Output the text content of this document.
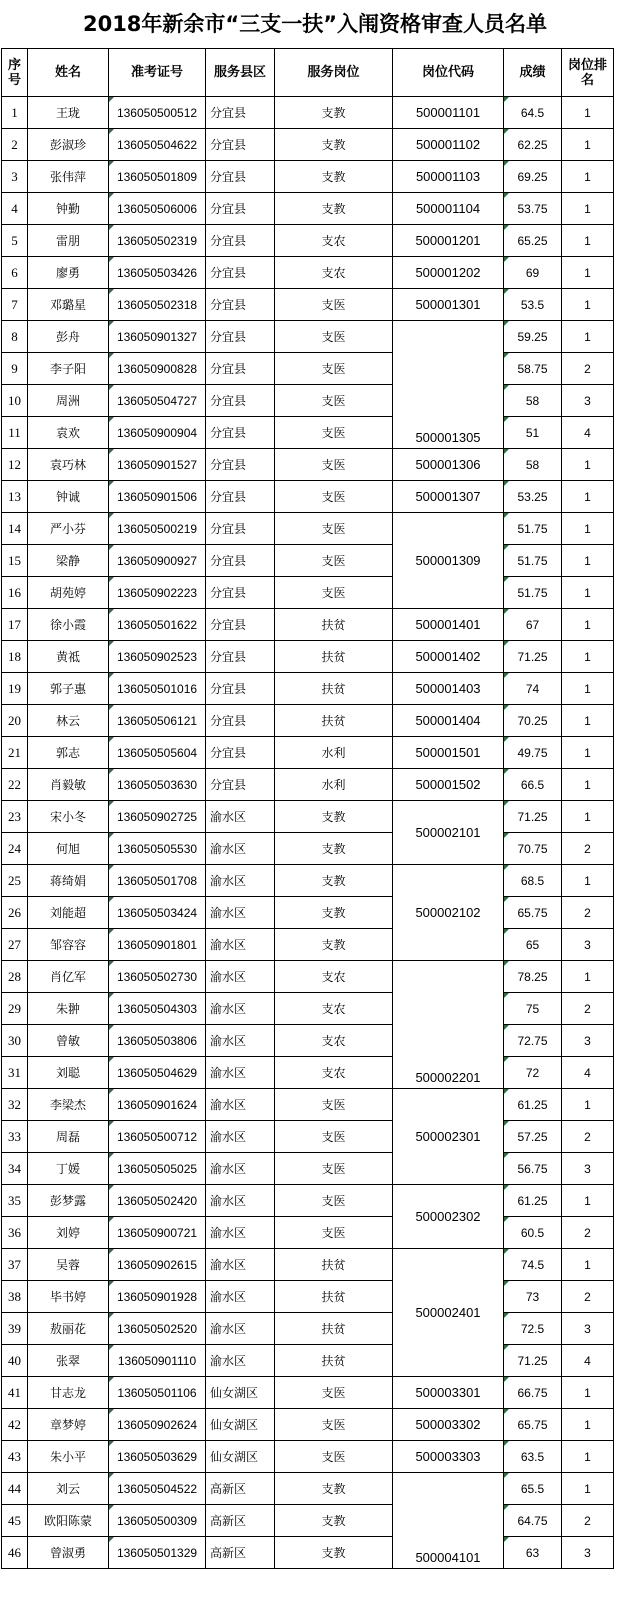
2018年新余市“三支一扶”入闱资格审查人员名单
序号	姓名	准考证号	服务县区	服务岗位	岗位代码	成绩	岗位排名
1	王珑	136050500512	分宜县	支教	500001101	64.5	1
2	彭淑珍	136050504622	分宜县	支教	500001102	62.25	1
3	张伟萍	136050501809	分宜县	支教	500001103	69.25	1
4	钟勤	136050506006	分宜县	支教	500001104	53.75	1
5	雷朋	136050502319	分宜县	支农	500001201	65.25	1
6	廖勇	136050503426	分宜县	支农	500001202	69	1
7	邓璐星	136050502318	分宜县	支医	500001301	53.5	1
8	彭舟	136050901327	分宜县	支医	500001305	59.25	1
9	李子阳	136050900828	分宜县	支医		58.75	2
10	周洲	136050504727	分宜县	支医		58	3
11	袁欢	136050900904	分宜县	支医		51	4
12	袁巧林	136050901527	分宜县	支医	500001306	58	1
13	钟诚	136050901506	分宜县	支医	500001307	53.25	1
14	严小芬	136050500219	分宜县	支医	500001309	51.75	1
15	梁静	136050900927	分宜县	支医		51.75	1
16	胡苑婷	136050902223	分宜县	支医		51.75	1
17	徐小霞	136050501622	分宜县	扶贫	500001401	67	1
18	黄祗	136050902523	分宜县	扶贫	500001402	71.25	1
19	郭子惠	136050501016	分宜县	扶贫	500001403	74	1
20	林云	136050506121	分宜县	扶贫	500001404	70.25	1
21	郭志	136050505604	分宜县	水利	500001501	49.75	1
22	肖毅敏	136050503630	分宜县	水利	500001502	66.5	1
23	宋小冬	136050902725	渝水区	支教	500002101	71.25	1
24	何旭	136050505530	渝水区	支教		70.75	2
25	蒋绮娟	136050501708	渝水区	支教	500002102	68.5	1
26	刘能超	136050503424	渝水区	支教		65.75	2
27	邹容容	136050901801	渝水区	支教		65	3
28	肖亿军	136050502730	渝水区	支农	500002201	78.25	1
29	朱翀	136050504303	渝水区	支农		75	2
30	曾敏	136050503806	渝水区	支农		72.75	3
31	刘聪	136050504629	渝水区	支农		72	4
32	李梁杰	136050901624	渝水区	支医	500002301	61.25	1
33	周磊	136050500712	渝水区	支医		57.25	2
34	丁媛	136050505025	渝水区	支医		56.75	3
35	彭梦露	136050502420	渝水区	支医	500002302	61.25	1
36	刘婷	136050900721	渝水区	支医		60.5	2
37	吴蓉	136050902615	渝水区	扶贫	500002401	74.5	1
38	毕书婷	136050901928	渝水区	扶贫		73	2
39	敖丽花	136050502520	渝水区	扶贫		72.5	3
40	张翠	136050901110	渝水区	扶贫		71.25	4
41	甘志龙	136050501106	仙女湖区	支医	500003301	66.75	1
42	章梦婷	136050902624	仙女湖区	支医	500003302	65.75	1
43	朱小平	136050503629	仙女湖区	支医	500003303	63.5	1
44	刘云	136050504522	高新区	支教	500004101	65.5	1
45	欧阳陈蒙	136050500309	高新区	支教		64.75	2
46	曾淑勇	136050501329	高新区	支教		63	3
